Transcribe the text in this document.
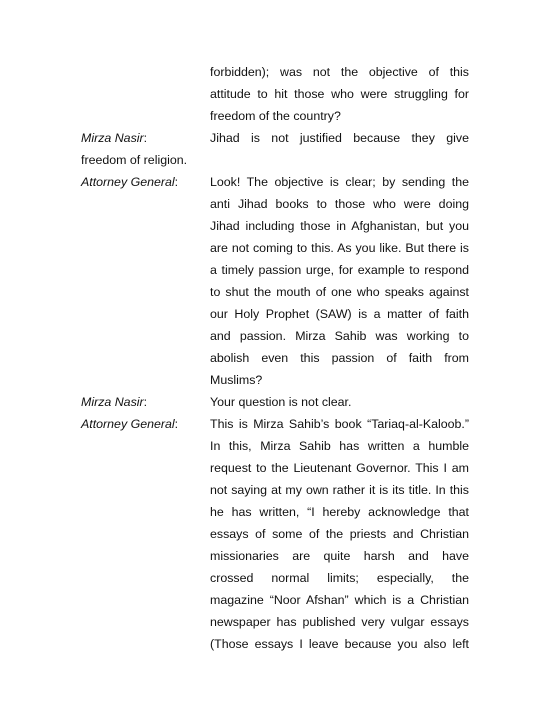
forbidden); was not the objective of this
attitude to hit those who were struggling for
freedom of the country?
Mirza Nasir:	Jihad is not justified because they give
freedom of religion.
Attorney General:	Look! The objective is clear; by sending the
anti Jihad books to those who were doing
Jihad including those in Afghanistan, but you
are not coming to this. As you like. But there is
a timely passion urge, for example to respond
to shut the mouth of one who speaks against
our Holy Prophet (SAW) is a matter of faith
and passion. Mirza Sahib was working to
abolish even this passion of faith from
Muslims?
Mirza Nasir:	Your question is not clear.
Attorney General:	This is Mirza Sahib’s book “Tariaq-al-Kaloob.”
In this, Mirza Sahib has written a humble
request to the Lieutenant Governor. This I am
not saying at my own rather it is its title. In this
he has written, “I hereby acknowledge that
essays of some of the priests and Christian
missionaries are quite harsh and have
crossed normal limits; especially, the
magazine “Noor Afshan” which is a Christian
newspaper has published very vulgar essays
(Those essays I leave because you also left
